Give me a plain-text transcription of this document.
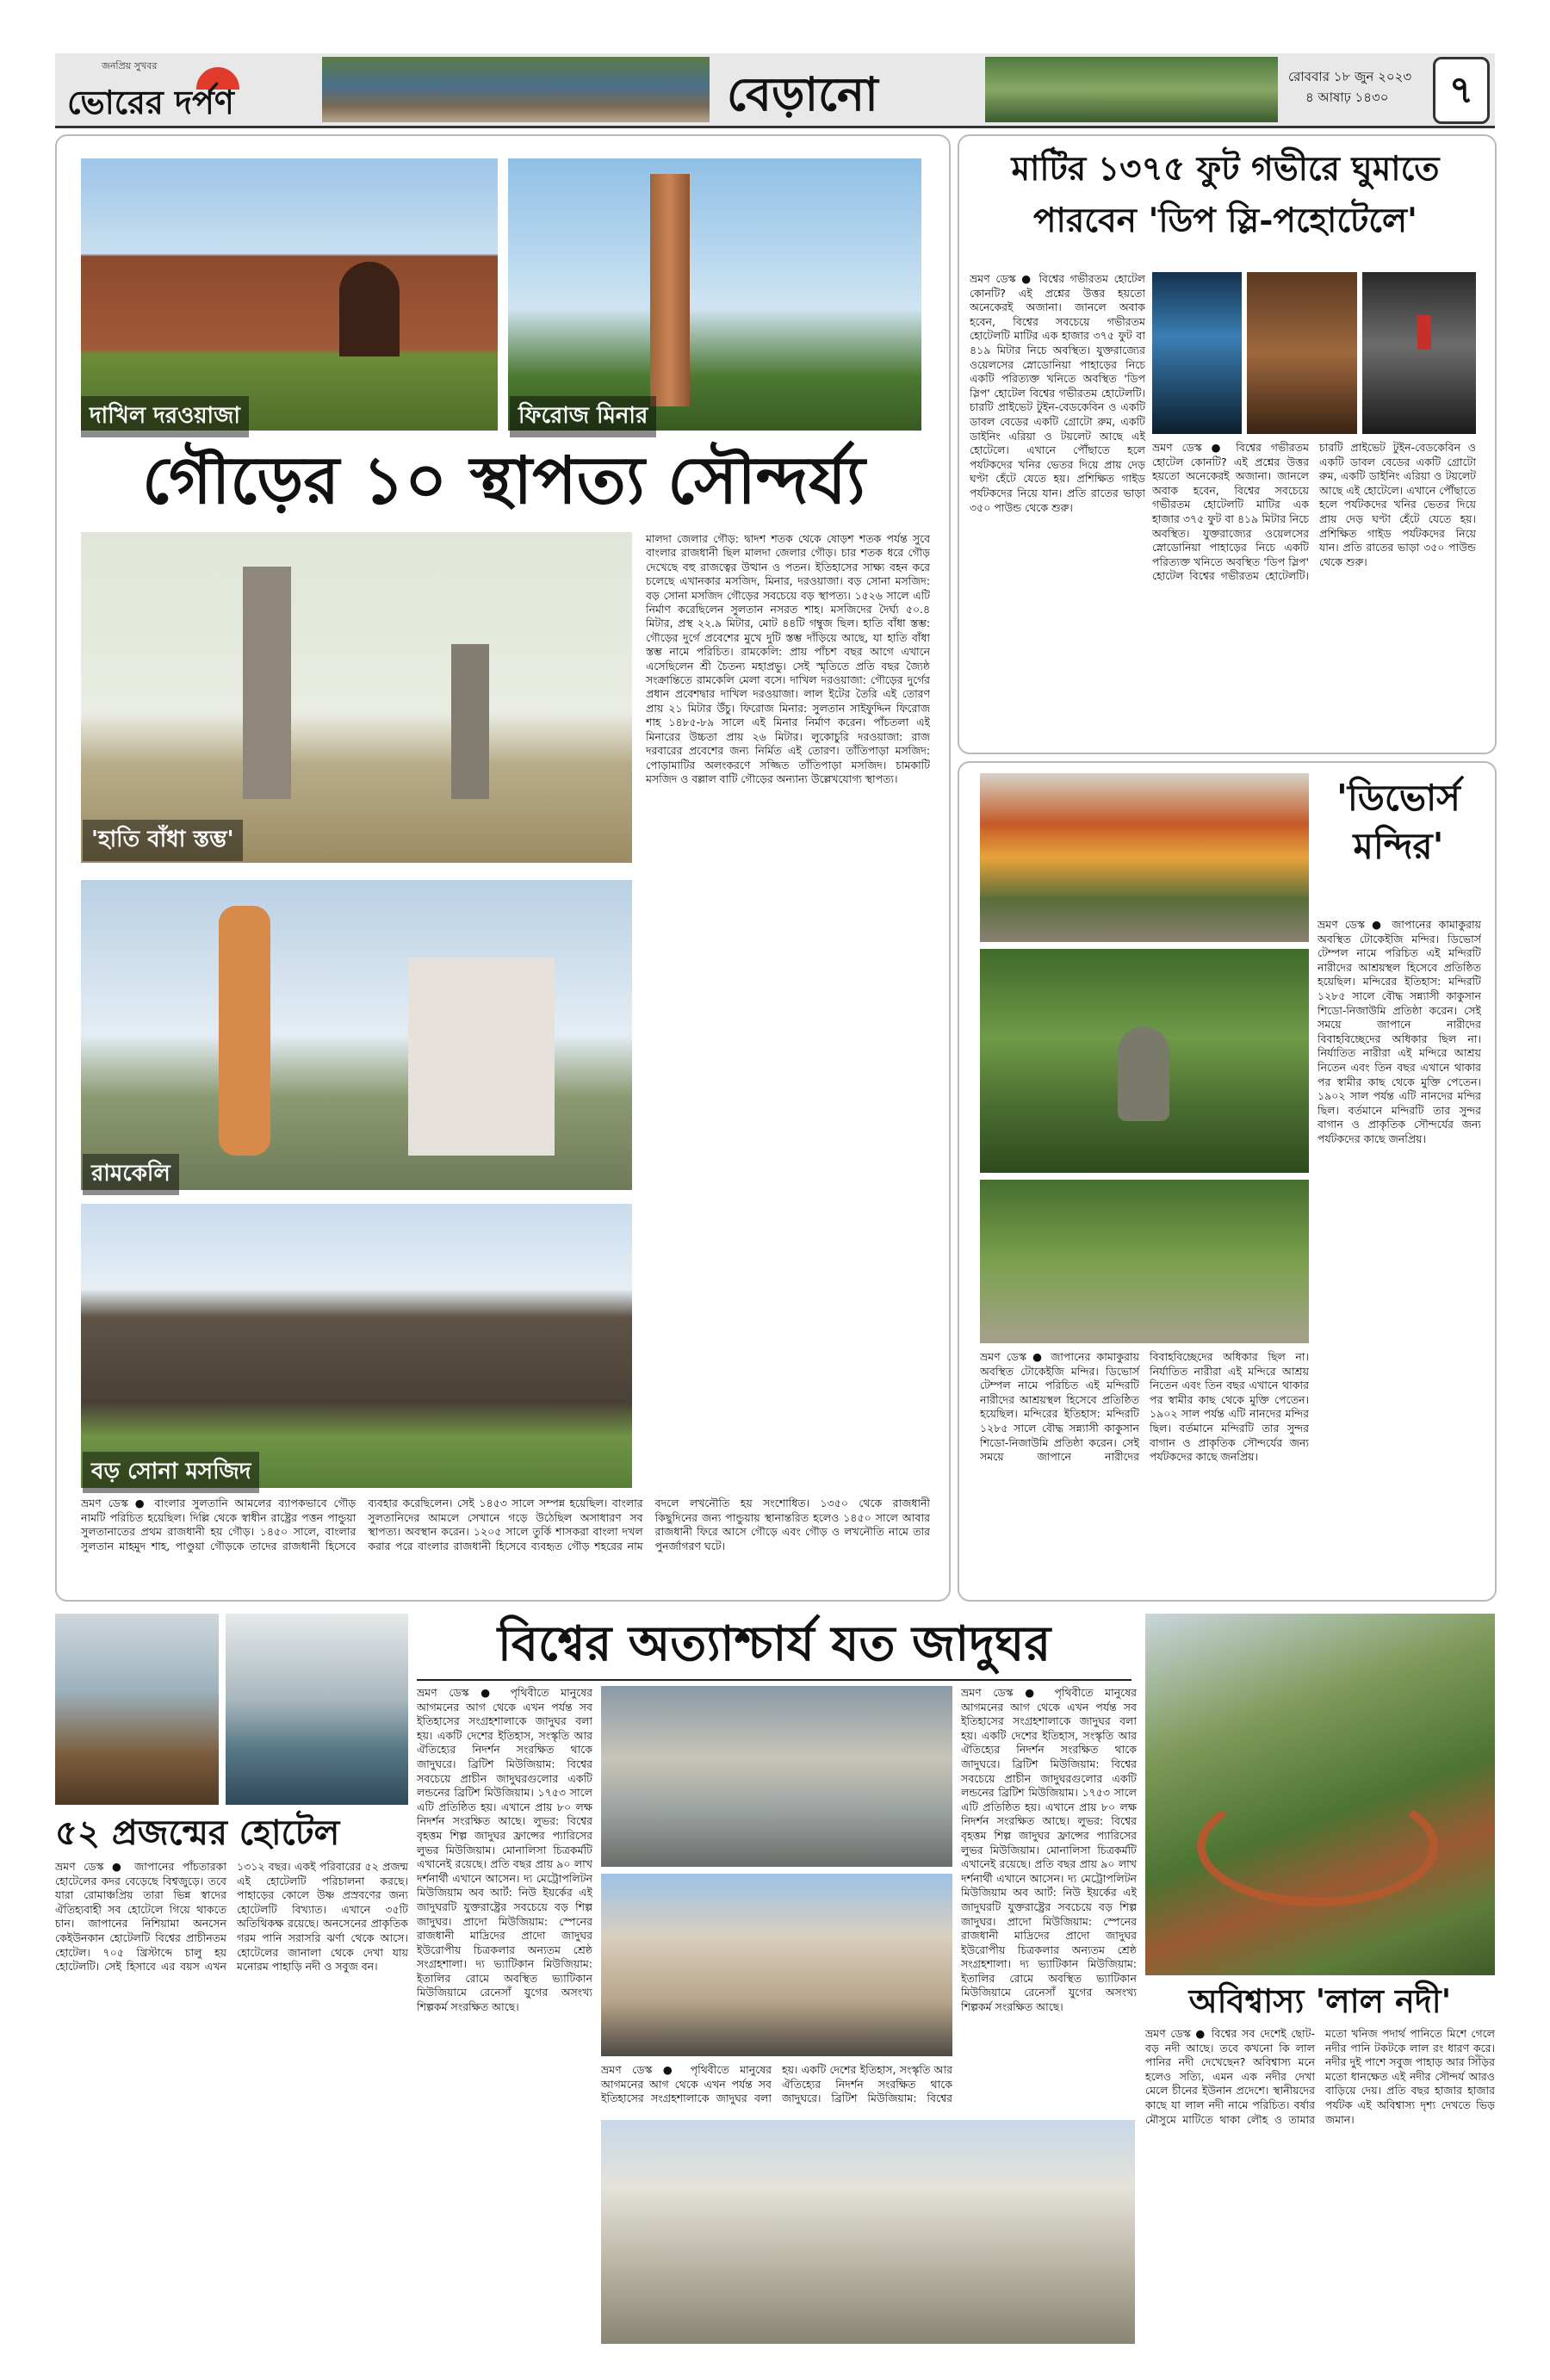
জনপ্রিয় সুখবর
ভোরের দর্পণ	বেড়ানো	রোববার ১৮ জুন ২০২৩
৪ আষাঢ় ১৪৩০	৭
দাখিল দরওয়াজা	ফিরোজ মিনার
গৌড়ের ১০ স্থাপত্য সৌন্দর্য্য
'হাতি বাঁধা স্তম্ভ'
রামকেলি
বড় সোনা মসজিদ
মালদা জেলার গৌড়: দ্বাদশ শতক থেকে ষোড়শ শতক পর্যন্ত সুবে বাংলার রাজধানী ছিল মালদা জেলার গৌড়। চার শতক ধরে গৌড় দেখেছে বহু রাজত্বের উত্থান ও পতন। ইতিহাসের সাক্ষ্য বহন করে চলেছে এখানকার মসজিদ, মিনার, দরওয়াজা। বড় সোনা মসজিদ: বড় সোনা মসজিদ গৌড়ের সবচেয়ে বড় স্থাপত্য। ১৫২৬ সালে এটি নির্মাণ করেছিলেন সুলতান নসরত শাহ। মসজিদের দৈর্ঘ্য ৫০.৪ মিটার, প্রস্থ ২২.৯ মিটার, মোট ৪৪টি গম্বুজ ছিল। হাতি বাঁধা স্তম্ভ: গৌড়ের দুর্গে প্রবেশের মুখে দুটি স্তম্ভ দাঁড়িয়ে আছে, যা হাতি বাঁধা স্তম্ভ নামে পরিচিত। রামকেলি: প্রায় পাঁচশ বছর আগে এখানে এসেছিলেন শ্রী চৈতন্য মহাপ্রভু। সেই স্মৃতিতে প্রতি বছর জ্যৈষ্ঠ সংক্রান্তিতে রামকেলি মেলা বসে। দাখিল দরওয়াজা: গৌড়ের দুর্গের প্রধান প্রবেশদ্বার দাখিল দরওয়াজা। লাল ইটের তৈরি এই তোরণ প্রায় ২১ মিটার উঁচু। ফিরোজ মিনার: সুলতান সাইফুদ্দিন ফিরোজ শাহ ১৪৮৫-৮৯ সালে এই মিনার নির্মাণ করেন। পাঁচতলা এই মিনারের উচ্চতা প্রায় ২৬ মিটার। লুকোচুরি দরওয়াজা: রাজ দরবারের প্রবেশের জন্য নির্মিত এই তোরণ। তাঁতিপাড়া মসজিদ: পোড়ামাটির অলংকরণে সজ্জিত তাঁতিপাড়া মসজিদ। চামকাটি মসজিদ ও বল্লাল বাটি গৌড়ের অন্যান্য উল্লেখযোগ্য স্থাপত্য।
ভ্রমণ ডেস্ক ● বাংলার সুলতানি আমলের ব্যাপকভাবে গৌড় নামটি পরিচিত হয়েছিল। দিল্লি থেকে স্বাধীন রাষ্ট্রের পত্তন পান্ডুয়া সুলতানাতের প্রথম রাজধানী হয় গৌড়। ১৪৫০ সালে, বাংলার সুলতান মাহমুদ শাহ, পাণ্ডুয়া গৌড়কে তাদের রাজধানী হিসেবে ব্যবহার করেছিলেন। সেই ১৪৫৩ সালে সম্পন্ন হয়েছিল। বাংলার সুলতানিদের আমলে সেখানে গড়ে উঠেছিল অসাধারণ সব স্থাপত্য। অবস্থান করেন। ১২০৫ সালে তুর্কি শাসকরা বাংলা দখল করার পরে বাংলার রাজধানী হিসেবে ব্যবহৃত গৌড় শহরের নাম বদলে লখনৌতি হয় সংশোধিত। ১৩৫০ থেকে রাজধানী কিছুদিনের জন্য পান্ডুয়ায় স্থানান্তরিত হলেও ১৪৫০ সালে আবার রাজধানী ফিরে আসে গৌড়ে এবং গৌড় ও লখনৌতি নামে তার পুনর্জাগরণ ঘটে।
মাটির ১৩৭৫ ফুট গভীরে ঘুমাতে
পারবেন 'ডিপ স্লি-পহোটেলে'
ভ্রমণ ডেস্ক ● বিশ্বের গভীরতম হোটেল কোনটি? এই প্রশ্নের উত্তর হয়তো অনেকেরই অজানা। জানলে অবাক হবেন, বিশ্বের সবচেয়ে গভীরতম হোটেলটি মাটির এক হাজার ৩৭৫ ফুট বা ৪১৯ মিটার নিচে অবস্থিত। যুক্তরাজ্যের ওয়েলসের স্নোডোনিয়া পাহাড়ের নিচে একটি পরিত্যক্ত খনিতে অবস্থিত 'ডিপ স্লিপ' হোটেল বিশ্বের গভীরতম হোটেলটি। চারটি প্রাইভেট টুইন-বেডকেবিন ও একটি ডাবল বেডের একটি গ্রোটো রুম, একটি ডাইনিং এরিয়া ও টয়লেট আছে এই হোটেলে। এখানে পৌঁছাতে হলে পর্যটকদের খনির ভেতর দিয়ে প্রায় দেড় ঘণ্টা হেঁটে যেতে হয়। প্রশিক্ষিত গাইড পর্যটকদের নিয়ে যান। প্রতি রাতের ভাড়া ৩৫০ পাউন্ড থেকে শুরু।
ভ্রমণ ডেস্ক ● বিশ্বের গভীরতম হোটেল কোনটি? এই প্রশ্নের উত্তর হয়তো অনেকেরই অজানা। জানলে অবাক হবেন, বিশ্বের সবচেয়ে গভীরতম হোটেলটি মাটির এক হাজার ৩৭৫ ফুট বা ৪১৯ মিটার নিচে অবস্থিত। যুক্তরাজ্যের ওয়েলসের স্নোডোনিয়া পাহাড়ের নিচে একটি পরিত্যক্ত খনিতে অবস্থিত 'ডিপ স্লিপ' হোটেল বিশ্বের গভীরতম হোটেলটি। চারটি প্রাইভেট টুইন-বেডকেবিন ও একটি ডাবল বেডের একটি গ্রোটো রুম, একটি ডাইনিং এরিয়া ও টয়লেট আছে এই হোটেলে। এখানে পৌঁছাতে হলে পর্যটকদের খনির ভেতর দিয়ে প্রায় দেড় ঘণ্টা হেঁটে যেতে হয়। প্রশিক্ষিত গাইড পর্যটকদের নিয়ে যান। প্রতি রাতের ভাড়া ৩৫০ পাউন্ড থেকে শুরু।
'ডিভোর্স
মন্দির'
ভ্রমণ ডেস্ক ● জাপানের কামাকুরায় অবস্থিত টোকেইজি মন্দির। ডিভোর্স টেম্পল নামে পরিচিত এই মন্দিরটি নারীদের আশ্রয়স্থল হিসেবে প্রতিষ্ঠিত হয়েছিল। মন্দিরের ইতিহাস: মন্দিরটি ১২৮৫ সালে বৌদ্ধ সন্ন্যাসী কাকুসান শিডো-নিজাউমি প্রতিষ্ঠা করেন। সেই সময়ে জাপানে নারীদের বিবাহবিচ্ছেদের অধিকার ছিল না। নির্যাতিত নারীরা এই মন্দিরে আশ্রয় নিতেন এবং তিন বছর এখানে থাকার পর স্বামীর কাছ থেকে মুক্তি পেতেন। ১৯০২ সাল পর্যন্ত এটি নানদের মন্দির ছিল। বর্তমানে মন্দিরটি তার সুন্দর বাগান ও প্রাকৃতিক সৌন্দর্যের জন্য পর্যটকদের কাছে জনপ্রিয়।
ভ্রমণ ডেস্ক ● জাপানের কামাকুরায় অবস্থিত টোকেইজি মন্দির। ডিভোর্স টেম্পল নামে পরিচিত এই মন্দিরটি নারীদের আশ্রয়স্থল হিসেবে প্রতিষ্ঠিত হয়েছিল। মন্দিরের ইতিহাস: মন্দিরটি ১২৮৫ সালে বৌদ্ধ সন্ন্যাসী কাকুসান শিডো-নিজাউমি প্রতিষ্ঠা করেন। সেই সময়ে জাপানে নারীদের বিবাহবিচ্ছেদের অধিকার ছিল না। নির্যাতিত নারীরা এই মন্দিরে আশ্রয় নিতেন এবং তিন বছর এখানে থাকার পর স্বামীর কাছ থেকে মুক্তি পেতেন। ১৯০২ সাল পর্যন্ত এটি নানদের মন্দির ছিল। বর্তমানে মন্দিরটি তার সুন্দর বাগান ও প্রাকৃতিক সৌন্দর্যের জন্য পর্যটকদের কাছে জনপ্রিয়।
৫২ প্রজন্মের হোটেল
ভ্রমণ ডেস্ক ● জাপানের পাঁচতারকা হোটেলের কদর বেড়েছে বিশ্বজুড়ে। তবে যারা রোমাঞ্চপ্রিয় তারা ভিন্ন স্বাদের ঐতিহ্যবাহী সব হোটেলে গিয়ে থাকতে চান। জাপানের নিশিয়ামা অনসেন কেইউনকান হোটেলটি বিশ্বের প্রাচীনতম হোটেল। ৭০৫ খ্রিস্টাব্দে চালু হয় হোটেলটি। সেই হিসাবে এর বয়স এখন ১৩১২ বছর। একই পরিবারের ৫২ প্রজন্ম এই হোটেলটি পরিচালনা করছে। পাহাড়ের কোলে উষ্ণ প্রস্রবণের জন্য হোটেলটি বিখ্যাত। এখানে ৩৫টি অতিথিকক্ষ রয়েছে। অনসেনের প্রাকৃতিক গরম পানি সরাসরি ঝর্ণা থেকে আসে। হোটেলের জানালা থেকে দেখা যায় মনোরম পাহাড়ি নদী ও সবুজ বন।
বিশ্বের অত্যাশ্চার্য যত জাদুঘর
ভ্রমণ ডেস্ক ● পৃথিবীতে মানুষের আগমনের আগ থেকে এখন পর্যন্ত সব ইতিহাসের সংগ্রহশালাকে জাদুঘর বলা হয়। একটি দেশের ইতিহাস, সংস্কৃতি আর ঐতিহ্যের নিদর্শন সংরক্ষিত থাকে জাদুঘরে। ব্রিটিশ মিউজিয়াম: বিশ্বের সবচেয়ে প্রাচীন জাদুঘরগুলোর একটি লন্ডনের ব্রিটিশ মিউজিয়াম। ১৭৫৩ সালে এটি প্রতিষ্ঠিত হয়। এখানে প্রায় ৮০ লক্ষ নিদর্শন সংরক্ষিত আছে। লুভর: বিশ্বের বৃহত্তম শিল্প জাদুঘর ফ্রান্সের প্যারিসের লুভর মিউজিয়াম। মোনালিসা চিত্রকর্মটি এখানেই রয়েছে। প্রতি বছর প্রায় ৯০ লাখ দর্শনার্থী এখানে আসেন। দ্য মেট্রোপলিটন মিউজিয়াম অব আর্ট: নিউ ইয়র্কের এই জাদুঘরটি যুক্তরাষ্ট্রের সবচেয়ে বড় শিল্প জাদুঘর। প্রাদো মিউজিয়াম: স্পেনের রাজধানী মাদ্রিদের প্রাদো জাদুঘর ইউরোপীয় চিত্রকলার অন্যতম শ্রেষ্ঠ সংগ্রহশালা। দ্য ভ্যাটিকান মিউজিয়াম: ইতালির রোমে অবস্থিত ভ্যাটিকান মিউজিয়ামে রেনেসাঁ যুগের অসংখ্য শিল্পকর্ম সংরক্ষিত আছে।
ভ্রমণ ডেস্ক ● পৃথিবীতে মানুষের আগমনের আগ থেকে এখন পর্যন্ত সব ইতিহাসের সংগ্রহশালাকে জাদুঘর বলা হয়। একটি দেশের ইতিহাস, সংস্কৃতি আর ঐতিহ্যের নিদর্শন সংরক্ষিত থাকে জাদুঘরে। ব্রিটিশ মিউজিয়াম: বিশ্বের সবচেয়ে প্রাচীন জাদুঘরগুলোর একটি লন্ডনের ব্রিটিশ মিউজিয়াম। ১৭৫৩ সালে এটি প্রতিষ্ঠিত হয়। এখানে প্রায় ৮০ লক্ষ নিদর্শন সংরক্ষিত আছে। লুভর: বিশ্বের বৃহত্তম শিল্প জাদুঘর ফ্রান্সের প্যারিসের লুভর মিউজিয়াম। মোনালিসা চিত্রকর্মটি এখানেই রয়েছে। প্রতি বছর প্রায় ৯০ লাখ দর্শনার্থী এখানে আসেন। দ্য মেট্রোপলিটন মিউজিয়াম অব আর্ট: নিউ ইয়র্কের এই জাদুঘরটি যুক্তরাষ্ট্রের সবচেয়ে বড় শিল্প জাদুঘর। প্রাদো মিউজিয়াম: স্পেনের রাজধানী মাদ্রিদের প্রাদো জাদুঘর ইউরোপীয় চিত্রকলার অন্যতম শ্রেষ্ঠ সংগ্রহশালা। দ্য ভ্যাটিকান মিউজিয়াম: ইতালির রোমে অবস্থিত ভ্যাটিকান মিউজিয়ামে রেনেসাঁ যুগের অসংখ্য শিল্পকর্ম সংরক্ষিত আছে।
ভ্রমণ ডেস্ক ● পৃথিবীতে মানুষের আগমনের আগ থেকে এখন পর্যন্ত সব ইতিহাসের সংগ্রহশালাকে জাদুঘর বলা হয়। একটি দেশের ইতিহাস, সংস্কৃতি আর ঐতিহ্যের নিদর্শন সংরক্ষিত থাকে জাদুঘরে। ব্রিটিশ মিউজিয়াম: বিশ্বের
অবিশ্বাস্য 'লাল নদী'
ভ্রমণ ডেস্ক ● বিশ্বের সব দেশেই ছোট-বড় নদী আছে। তবে কখনো কি লাল পানির নদী দেখেছেন? অবিশ্বাস্য মনে হলেও সত্যি, এমন এক নদীর দেখা মেলে চীনের ইউনান প্রদেশে। স্থানীয়দের কাছে যা লাল নদী নামে পরিচিত। বর্ষার মৌসুমে মাটিতে থাকা লৌহ ও তামার মতো খনিজ পদার্থ পানিতে মিশে গেলে নদীর পানি টকটকে লাল রং ধারণ করে। নদীর দুই পাশে সবুজ পাহাড় আর সিঁড়ির মতো ধানক্ষেত এই নদীর সৌন্দর্য আরও বাড়িয়ে দেয়। প্রতি বছর হাজার হাজার পর্যটক এই অবিশ্বাস্য দৃশ্য দেখতে ভিড় জমান।
